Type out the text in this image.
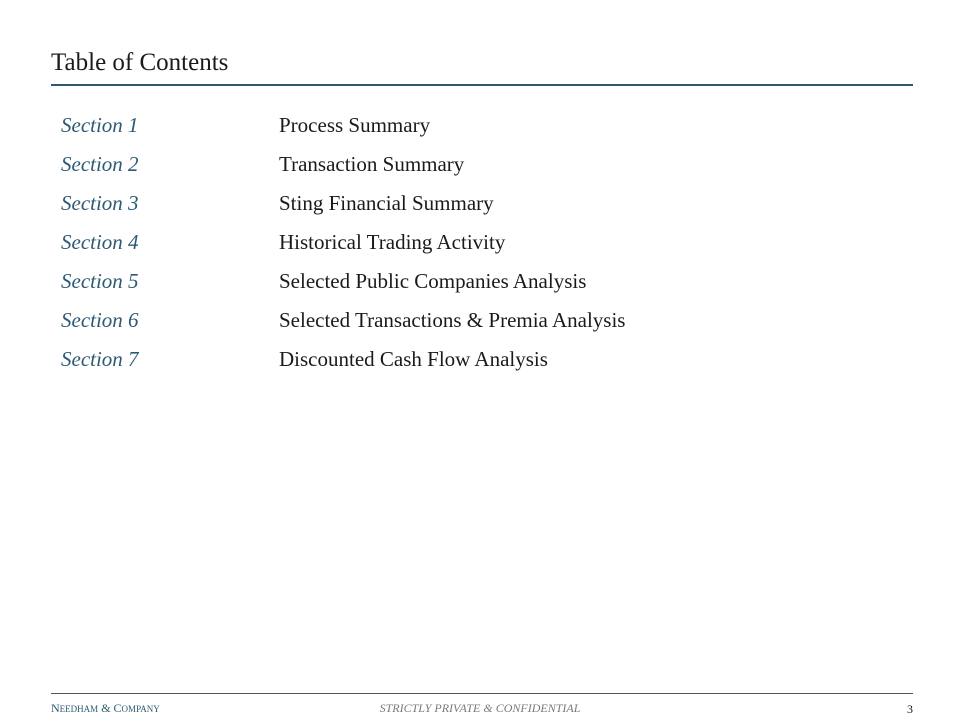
Table of Contents
Section 1	Process Summary
Section 2	Transaction Summary
Section 3	Sting Financial Summary
Section 4	Historical Trading Activity
Section 5	Selected Public Companies Analysis
Section 6	Selected Transactions & Premia Analysis
Section 7	Discounted Cash Flow Analysis
NEEDHAM & COMPANY	STRICTLY PRIVATE & CONFIDENTIAL	3
